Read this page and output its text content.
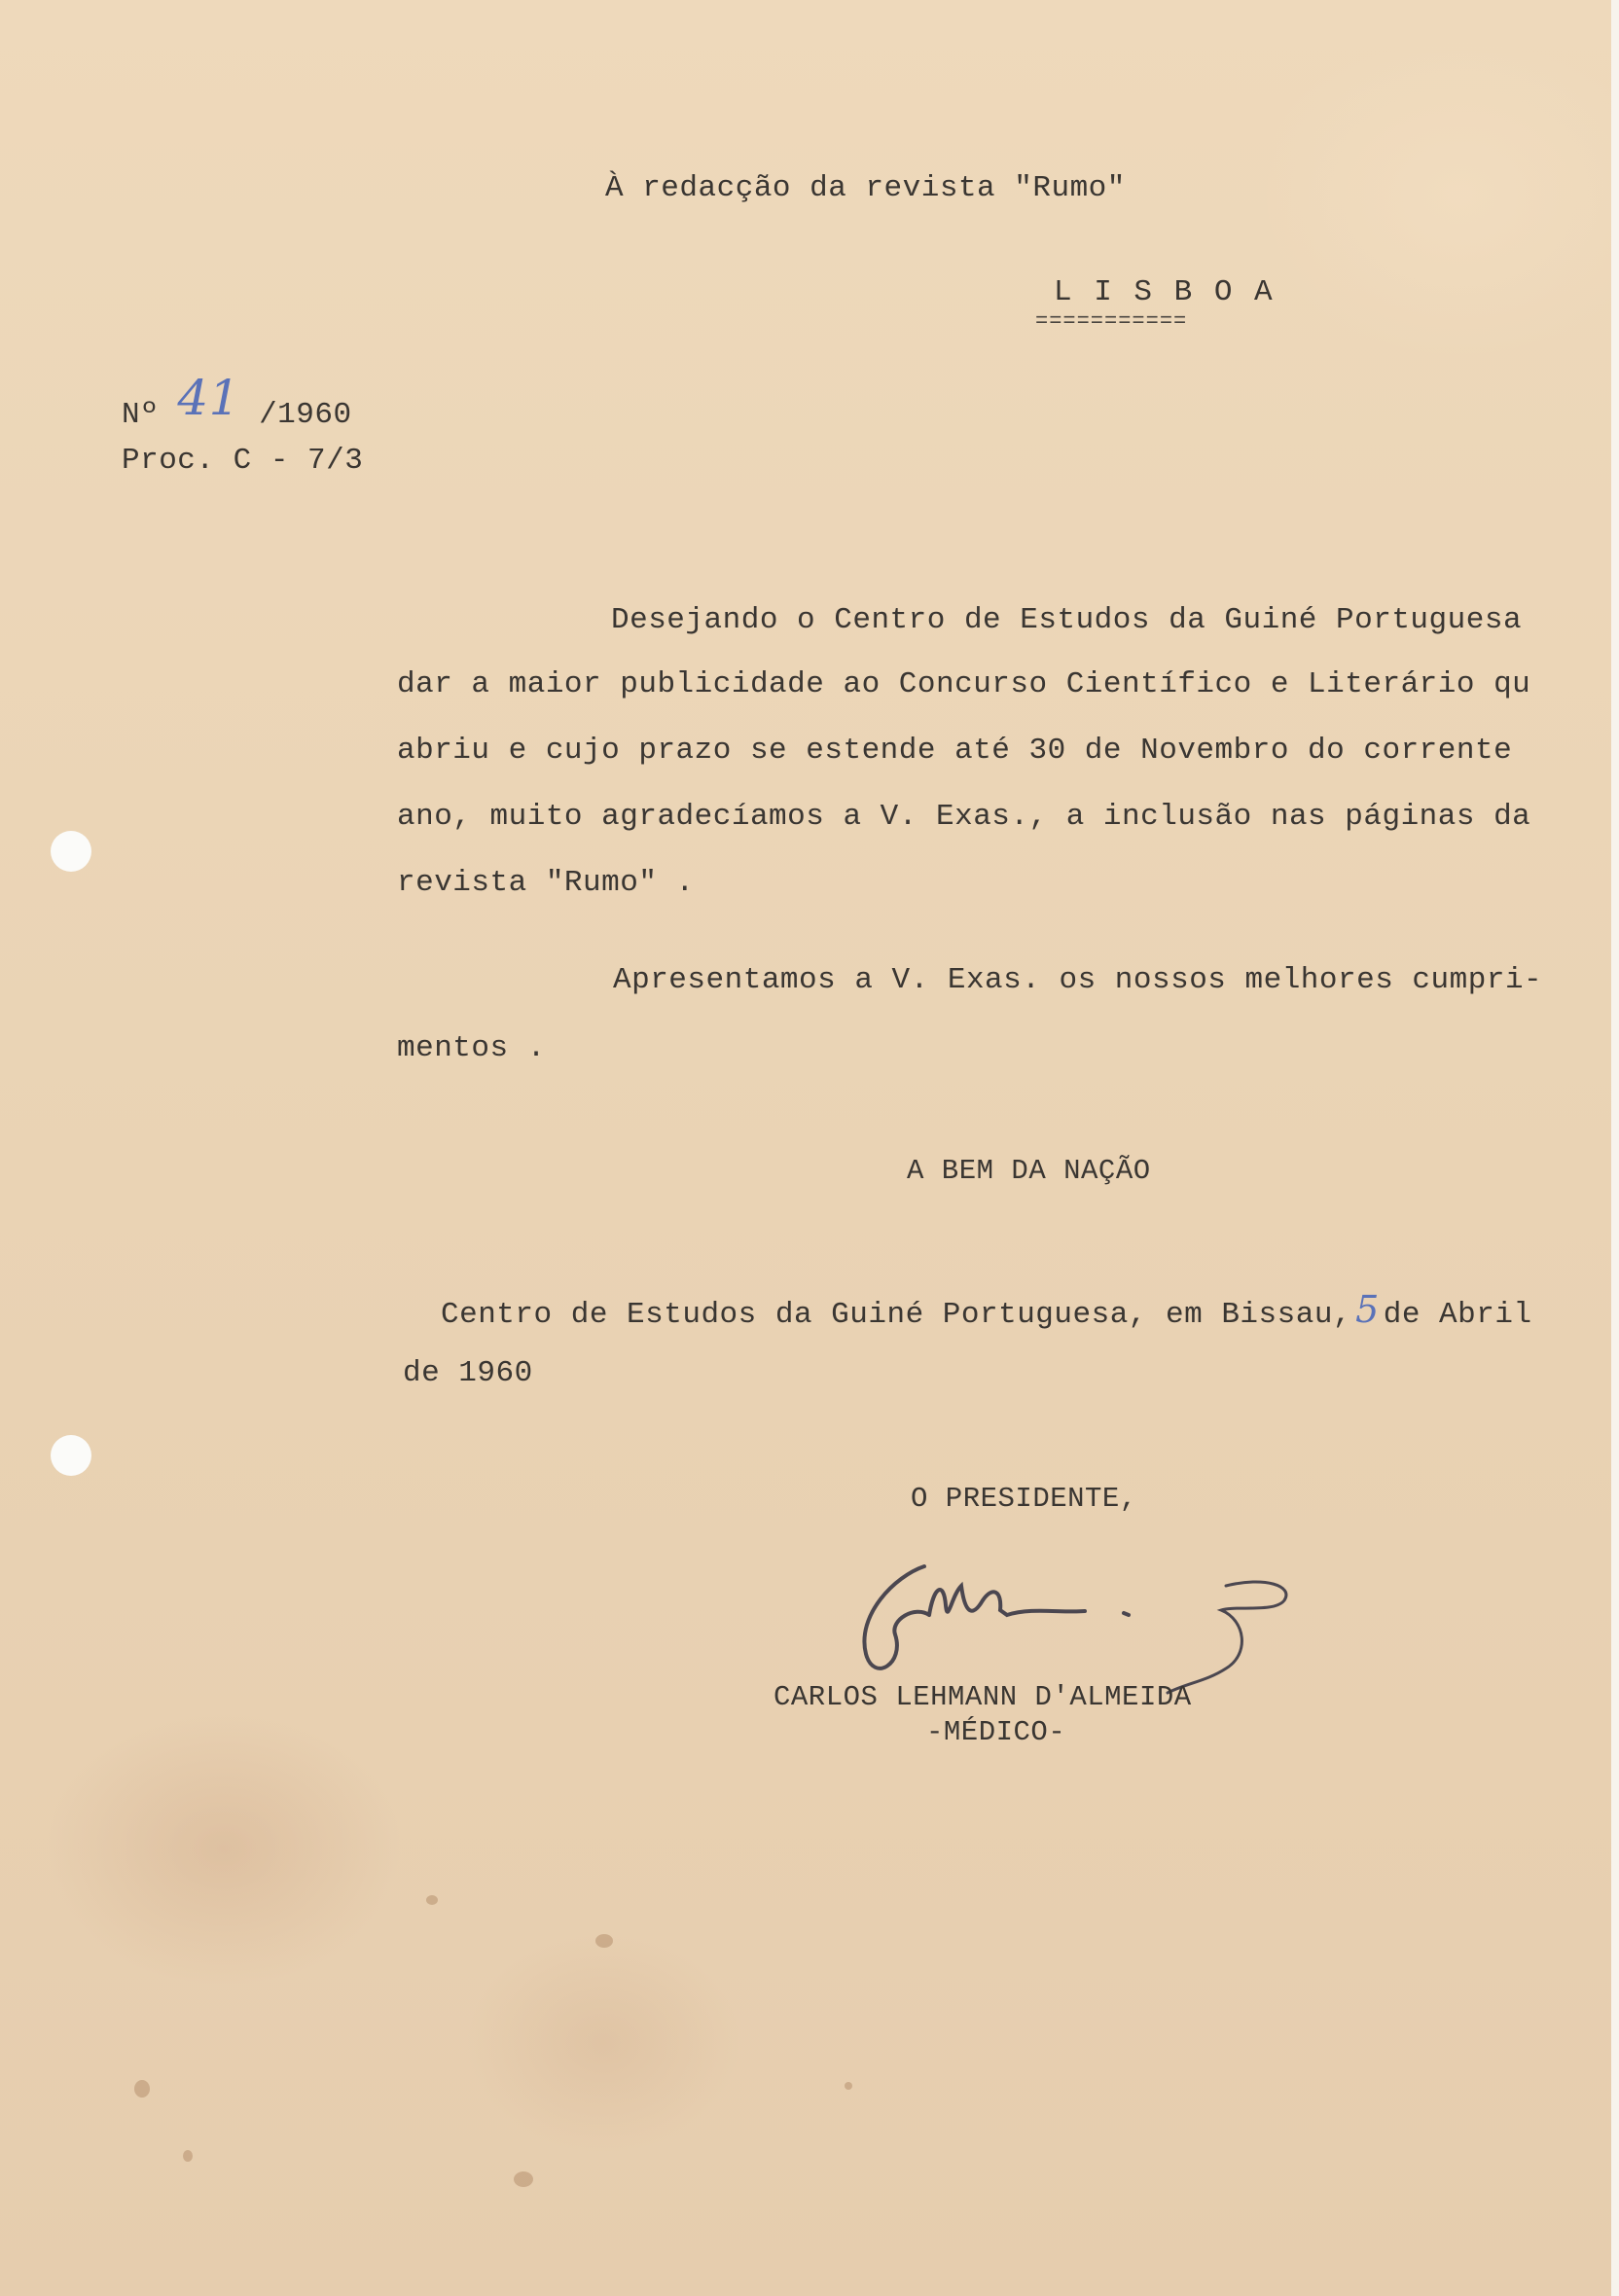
À redacção da revista "Rumo"
L I S B O A
===========
Nº 41 /1960
Proc. C - 7/3
Desejando o Centro de Estudos da Guiné Portuguesa
dar a maior publicidade ao Concurso Científico e Literário qu
abriu e cujo prazo se estende até 30 de Novembro do corrente
ano, muito agradecíamos a V. Exas., a inclusão nas páginas da
revista "Rumo" .
Apresentamos a V. Exas. os nossos melhores cumpri-
mentos .
A BEM DA NAÇÃO
Centro de Estudos da Guiné Portuguesa, em Bissau, 5 de Abril
de 1960
O PRESIDENTE,
CARLOS LEHMANN D'ALMEIDA
-MÉDICO-
